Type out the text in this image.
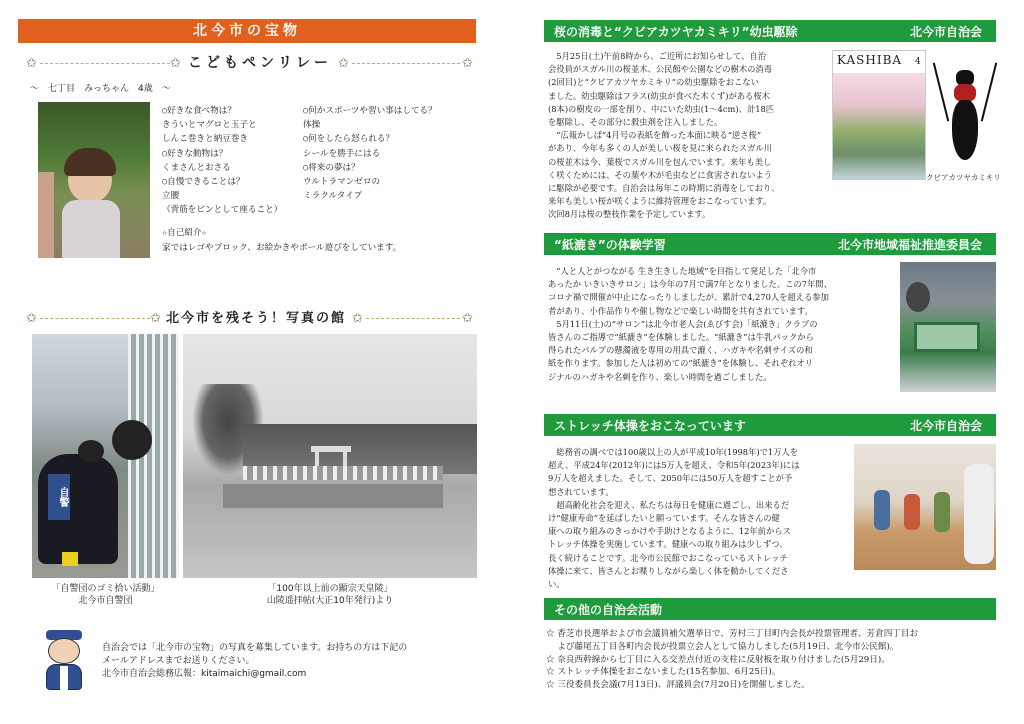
北今市の宝物
✩	✩ こどもペンリレー ✩	✩
～　七丁目　みっちゃん　4歳　～
○好きな食べ物は？
きういとマグロと玉子と
しんこ巻きと納豆巻き
○好きな動物は？
くまさんとおさる
○自慢できることは？
立腰
（背筋をピンとして座ること）
○何かスポーツや習い事はしてる？
体操
○何をしたら怒られる？
シールを勝手にはる
○将来の夢は？
ウルトラマンゼロの
ミラクルタイプ
☆自己紹介☆
家ではレゴやブロック、お絵かきやボール遊びをしています。
✩	✩ 北今市を残そう！写真の館 ✩	✩
自警
「自警団のゴミ拾い活動」
北今市自警団
「100年以上前の顯宗天皇陵」
山陵遥拝帖(大正10年発行)より
自治会では「北今市の宝物」の写真を募集しています。お持ちの方は下記の
メールアドレスまでお送りください。
北今市自治会総務広報：kitaimaichi@gmail.com
桜の消毒と“クビアカツヤカミキリ”幼虫駆除	北今市自治会
　5月25日(土)午前8時から、ご近所にお知らせして、自治
会役員がスガル川の桜並木、公民館や公園などの樹木の消毒
(2回目)と“クビアカツヤカミキリ”の幼虫駆除をおこない
ました。幼虫駆除はフラス(幼虫が食べた木くず)がある桜木
(8本)の樹皮の一部を削り、中にいた幼虫(1～4cm)、計18匹
を駆除し、その部分に殺虫剤を注入しました。
　“広報かしば”4月号の表紙を飾った本面に映る“逆さ桜”
があり、今年も多くの人が美しい桜を見に来られたスガル川
の桜並木は今、葉桜でスガル川を包んでいます。来年も美し
く咲くためには、その葉や木が毛虫などに食害されないよう
に駆除が必要です。自治会は毎年この時期に消毒をしており、
来年も美しい桜が咲くように維持管理をおこなっています。
次回8月は桜の整枝作業を予定しています。
KASHIBA 4
クビアカツヤカミキリ
“紙漉き”の体験学習	北今市地域福祉推進委員会
　“人と人とがつながる 生き生きした地域”を目指して発足した「北今市
あったか いきいきサロン」は今年の7月で満7年となりました。この7年間、
コロナ禍で開催が中止になったりしましたが、累計で4,270人を超える参加
者があり、小作品作りや催し物などで楽しい時間を共有されています。
　5月11日(土)の“サロン”は北今市老人会(ゑびす会)「紙漉き」クラブの
皆さんのご指導で“紙漉き”を体験しました。“紙漉き”は牛乳パックから
得られたパルプの懸濁液を専用の用具で漉く、ハガキや名刺サイズの和
紙を作ります。参加した人は初めての“紙漉き”を体験し、それぞれオリ
ジナルのハガキや名刺を作り、楽しい時間を過ごしました。
ストレッチ体操をおこなっています	北今市自治会
　総務省の調べでは100歳以上の人が平成10年(1998年)で1万人を
超え、平成24年(2012年)には5万人を超え、令和5年(2023年)には
9万人を超えました。そして、2050年には50万人を超すことが予
想されています。
　超高齢化社会を迎え、私たちは毎日を健康に過ごし、出来るだ
け“健康寿命”を延ばしたいと願っています。そんな皆さんの健
康への取り組みのきっかけや手助けとなるように、12年前からス
トレッチ体操を実施しています。健康への取り組みは少しずつ、
長く続けることです。北今市公民館でおこなっているストレッチ
体操に来て、皆さんとお喋りしながら楽しく体を動かしてくださ
い。
その他の自治会活動
☆ 香芝市長選挙および市会議員補欠選挙日で、芳村三丁目町内会長が投票管理者、芳倉四丁目お
　 よび藤尾五丁目各町内会長が投票立会人として協力しました(5月19日、北今市公民館)。
☆ 奈良西幹線から七丁目に入る交差点付近の支柱に反射板を取り付けました(5月29日)。
☆ ストレッチ体操をおこないました(15名参加、6月25日)。
☆ 三役委員長会議(7月13日)、評議員会(7月20日)を開催しました。
